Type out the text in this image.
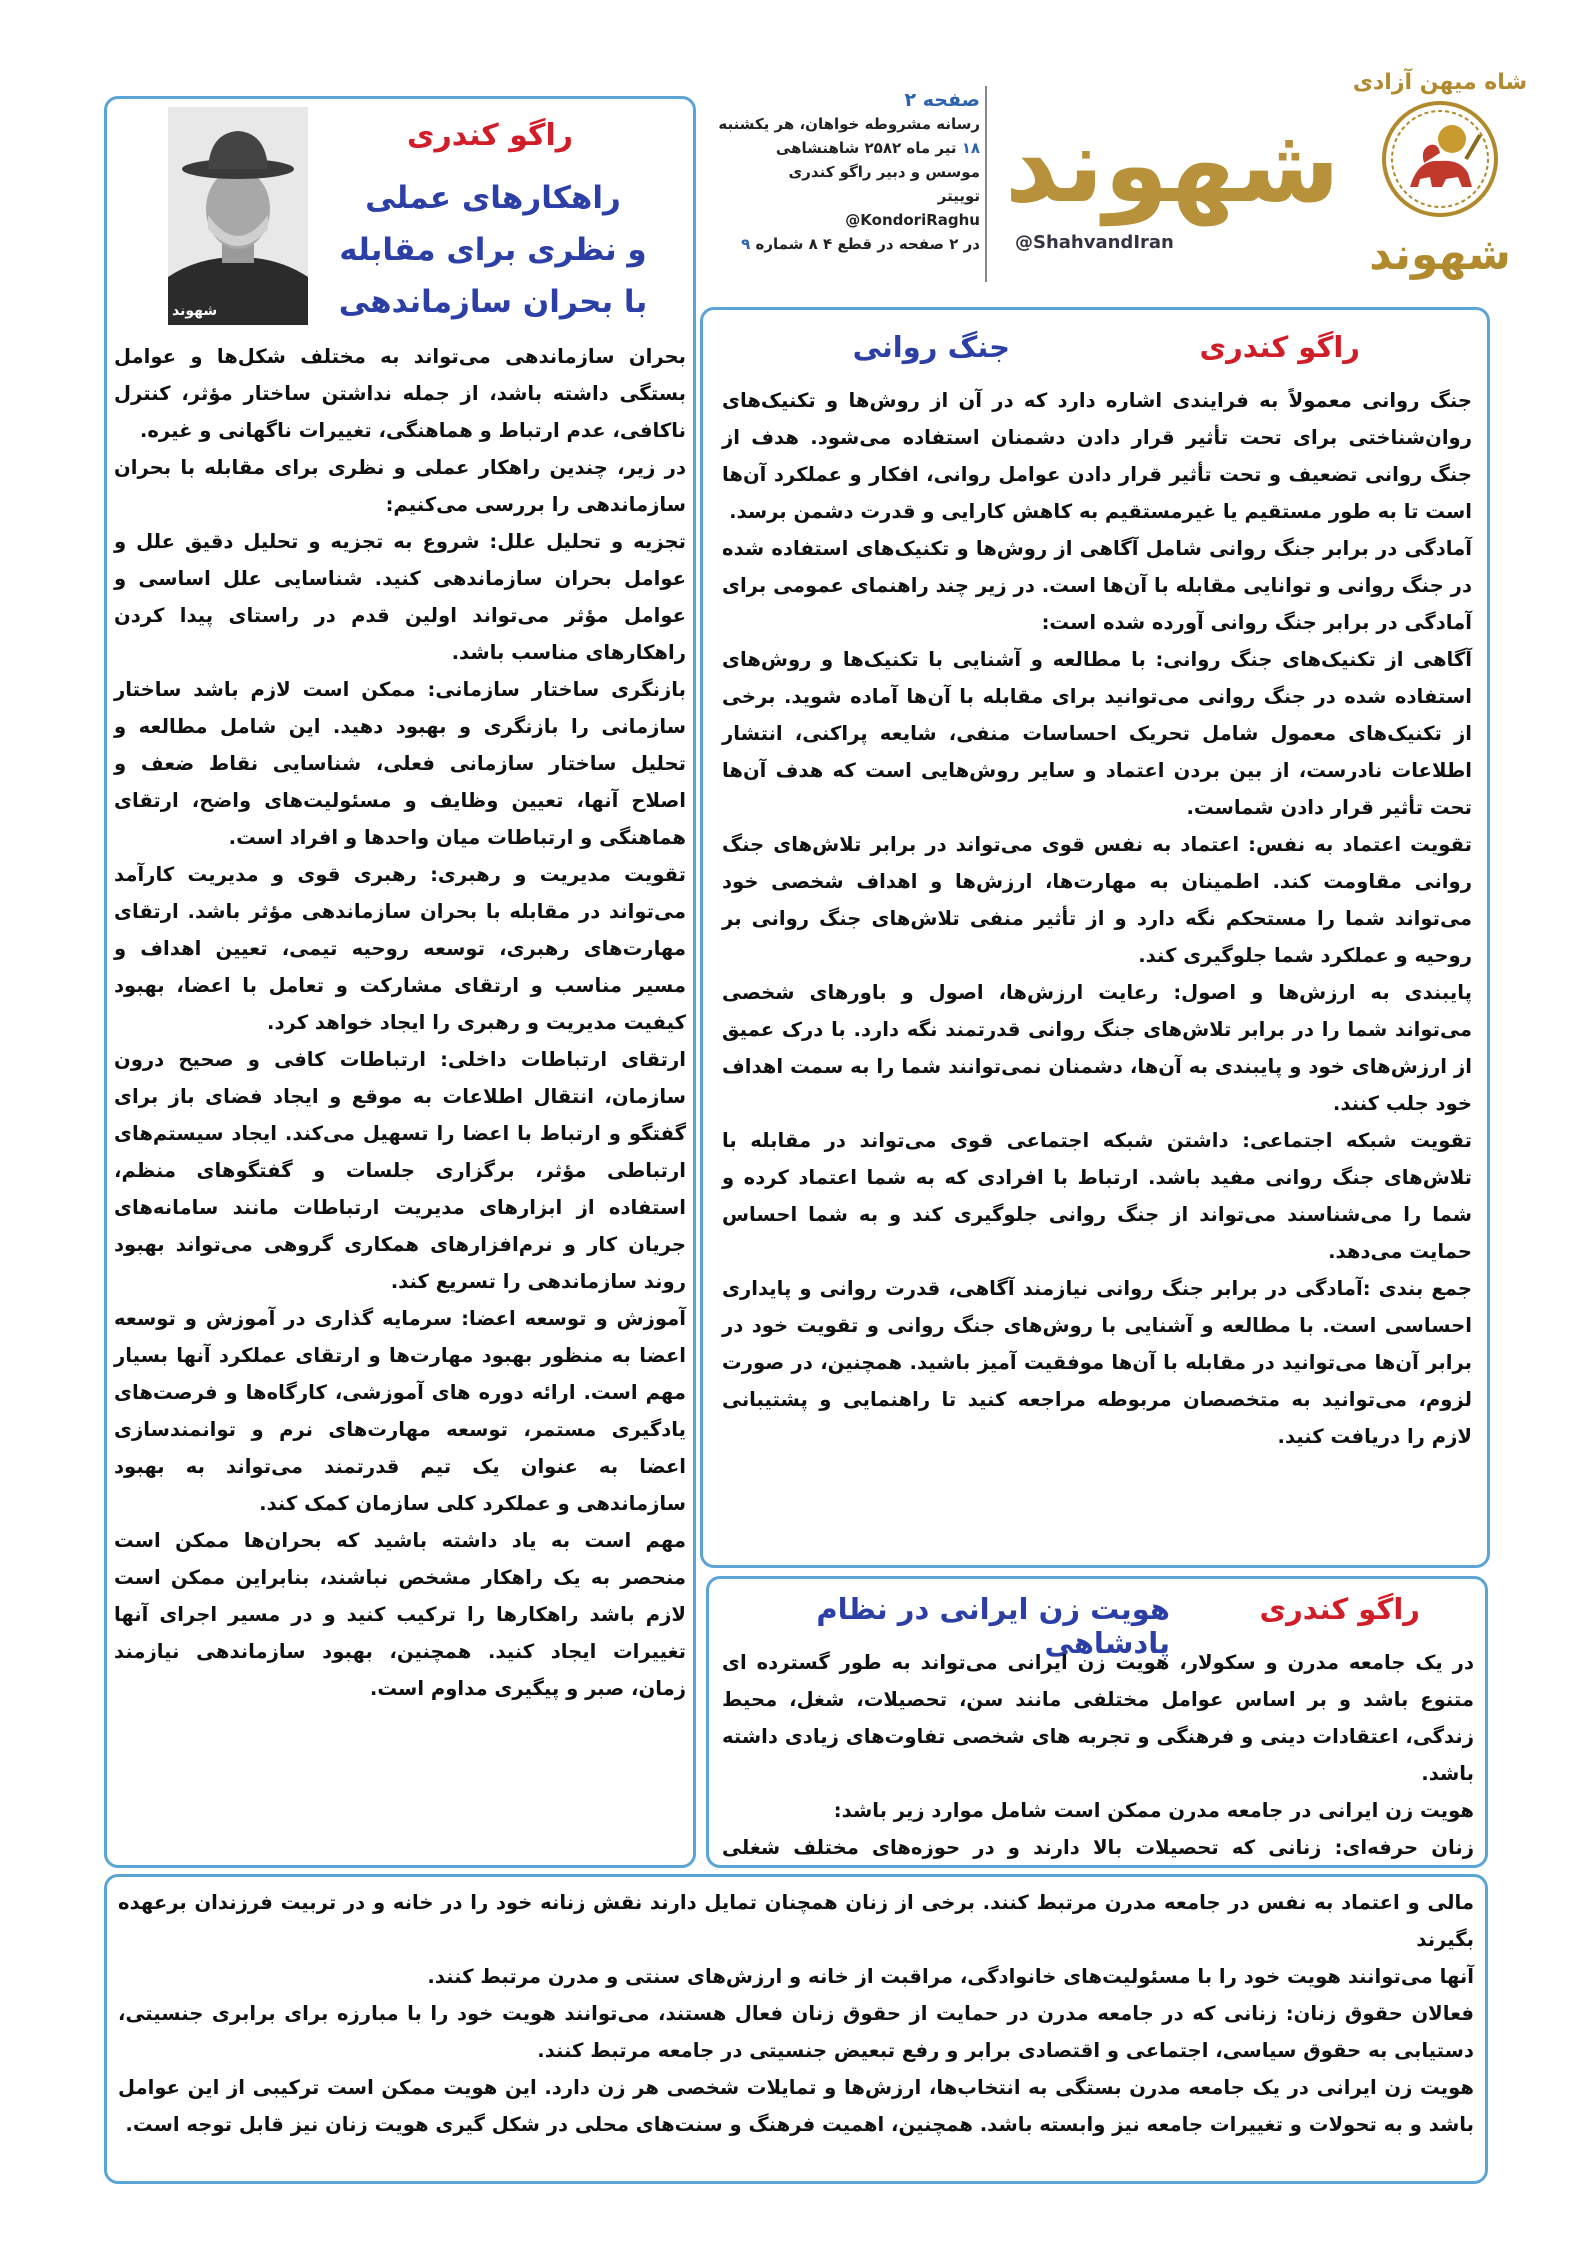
شاه میهن آزادی
شهوند
شهوند
@ShahvandIran
صفحه ۲
رسانه مشروطه خواهان، هر یکشنبه
۱۸ تیر ماه ۲۵۸۲ شاهنشاهی
موسس و دبیر راگو کندری
توییتر
@KondoriRaghu
در ۲ صفحه در قطع ۴ ۸ شماره ۹
شهوند
راگو کندری
راهکارهای عملی
و نظری برای مقابله
با بحران سازماندهی

بحران سازماندهی می‌تواند به مختلف شکل‌ها و عوامل بستگی داشته باشد، از جمله نداشتن ساختار مؤثر، کنترل ناکافی، عدم ارتباط و هماهنگی، تغییرات ناگهانی و غیره.

در زیر، چندین راهکار عملی و نظری برای مقابله با بحران سازماندهی را بررسی می‌کنیم:

تجزیه و تحلیل علل: شروع به تجزیه و تحلیل دقیق علل و عوامل بحران سازماندهی کنید. شناسایی علل اساسی و عوامل مؤثر می‌تواند اولین قدم در راستای پیدا کردن راهکارهای مناسب باشد.

بازنگری ساختار سازمانی: ممکن است لازم باشد ساختار سازمانی را بازنگری و بهبود دهید. این شامل مطالعه و تحلیل ساختار سازمانی فعلی، شناسایی نقاط ضعف و اصلاح آنها، تعیین وظایف و مسئولیت‌های واضح، ارتقای هماهنگی و ارتباطات میان واحدها و افراد است.

تقویت مدیریت و رهبری: رهبری قوی و مدیریت کارآمد می‌تواند در مقابله با بحران سازماندهی مؤثر باشد. ارتقای مهارت‌های رهبری، توسعه روحیه تیمی، تعیین اهداف و مسیر مناسب و ارتقای مشارکت و تعامل با اعضا، بهبود کیفیت مدیریت و رهبری را ایجاد خواهد کرد.

ارتقای ارتباطات داخلی: ارتباطات کافی و صحیح درون سازمان، انتقال اطلاعات به موقع و ایجاد فضای باز برای گفتگو و ارتباط با اعضا را تسهیل می‌کند. ایجاد سیستم‌های ارتباطی مؤثر، برگزاری جلسات و گفتگوهای منظم، استفاده از ابزارهای مدیریت ارتباطات مانند سامانه‌های جریان کار و نرم‌افزارهای همکاری گروهی می‌تواند بهبود روند سازماندهی را تسریع کند.

آموزش و توسعه اعضا: سرمایه گذاری در آموزش و توسعه اعضا به منظور بهبود مهارت‌ها و ارتقای عملکرد آنها بسیار مهم است. ارائه دوره های آموزشی، کارگاه‌ها و فرصت‌های یادگیری مستمر، توسعه مهارت‌های نرم و توانمندسازی اعضا به عنوان یک تیم قدرتمند می‌تواند به بهبود سازماندهی و عملکرد کلی سازمان کمک کند.

مهم است به یاد داشته باشید که بحران‌ها ممکن است منحصر به یک راهکار مشخص نباشند، بنابراین ممکن است لازم باشد راهکارها را ترکیب کنید و در مسیر اجرای آنها تغییرات ایجاد کنید. همچنین، بهبود سازماندهی نیازمند زمان، صبر و پیگیری مداوم است.

راگو کندری
جنگ روانی

جنگ روانی معمولاً به فرایندی اشاره دارد که در آن از روش‌ها و تکنیک‌های روان‌شناختی برای تحت تأثیر قرار دادن دشمنان استفاده می‌شود. هدف از جنگ روانی تضعیف و تحت تأثیر قرار دادن عوامل روانی، افکار و عملکرد آن‌ها است تا به طور مستقیم یا غیرمستقیم به کاهش کارایی و قدرت دشمن برسد.

آمادگی در برابر جنگ روانی شامل آگاهی از روش‌ها و تکنیک‌های استفاده شده در جنگ روانی و توانایی مقابله با آن‌ها است. در زیر چند راهنمای عمومی برای آمادگی در برابر جنگ روانی آورده شده است:

آگاهی از تکنیک‌های جنگ روانی: با مطالعه و آشنایی با تکنیک‌ها و روش‌های استفاده شده در جنگ روانی می‌توانید برای مقابله با آن‌ها آماده شوید. برخی از تکنیک‌های معمول شامل تحریک احساسات منفی، شایعه پراکنی، انتشار اطلاعات نادرست، از بین بردن اعتماد و سایر روش‌هایی است که هدف آن‌ها تحت تأثیر قرار دادن شماست.

تقویت اعتماد به نفس: اعتماد به نفس قوی می‌تواند در برابر تلاش‌های جنگ روانی مقاومت کند. اطمینان به مهارت‌ها، ارزش‌ها و اهداف شخصی خود می‌تواند شما را مستحکم نگه دارد و از تأثیر منفی تلاش‌های جنگ روانی بر روحیه و عملکرد شما جلوگیری کند.

پایبندی به ارزش‌ها و اصول: رعایت ارزش‌ها، اصول و باورهای شخصی می‌تواند شما را در برابر تلاش‌های جنگ روانی قدرتمند نگه دارد. با درک عمیق از ارزش‌های خود و پایبندی به آن‌ها، دشمنان نمی‌توانند شما را به سمت اهداف خود جلب کنند.

تقویت شبکه اجتماعی: داشتن شبکه اجتماعی قوی می‌تواند در مقابله با تلاش‌های جنگ روانی مفید باشد. ارتباط با افرادی که به شما اعتماد کرده و شما را می‌شناسند می‌تواند از جنگ روانی جلوگیری کند و به شما احساس حمایت می‌دهد.

جمع بندی :آمادگی در برابر جنگ روانی نیازمند آگاهی، قدرت روانی و پایداری احساسی است. با مطالعه و آشنایی با روش‌های جنگ روانی و تقویت خود در برابر آن‌ها می‌توانید در مقابله با آن‌ها موفقیت آمیز باشید. همچنین، در صورت لزوم، می‌توانید به متخصصان مربوطه مراجعه کنید تا راهنمایی و پشتیبانی لازم را دریافت کنید.

راگو کندری
هویت زن ایرانی در نظام پادشاهی

در یک جامعه مدرن و سکولار، هویت زن ایرانی می‌تواند به طور گسترده ای متنوع باشد و بر اساس عوامل مختلفی مانند سن، تحصیلات، شغل، محیط زندگی، اعتقادات دینی و فرهنگی و تجربه های شخصی تفاوت‌های زیادی داشته باشد.

هویت زن ایرانی در جامعه مدرن ممکن است شامل موارد زیر باشد:

زنان حرفه‌ای: زنانی که تحصیلات بالا دارند و در حوزه‌های مختلف شغلی

مالی و اعتماد به نفس در جامعه مدرن مرتبط کنند. برخی از زنان همچنان تمایل دارند نقش زنانه خود را در خانه و در تربیت فرزندان برعهده بگیرند

آنها می‌توانند هویت خود را با مسئولیت‌های خانوادگی، مراقبت از خانه و ارزش‌های سنتی و مدرن مرتبط کنند.

فعالان حقوق زنان: زنانی که در جامعه مدرن در حمایت از حقوق زنان فعال هستند، می‌توانند هویت خود را با مبارزه برای برابری جنسیتی، دستیابی به حقوق سیاسی، اجتماعی و اقتصادی برابر و رفع تبعیض جنسیتی در جامعه مرتبط کنند.

هویت زن ایرانی در یک جامعه مدرن بستگی به انتخاب‌ها، ارزش‌ها و تمایلات شخصی هر زن دارد. این هویت ممکن است ترکیبی از این عوامل باشد و به تحولات و تغییرات جامعه نیز وابسته باشد. همچنین، اهمیت فرهنگ و سنت‌های محلی در شکل گیری هویت زنان نیز قابل توجه است.
